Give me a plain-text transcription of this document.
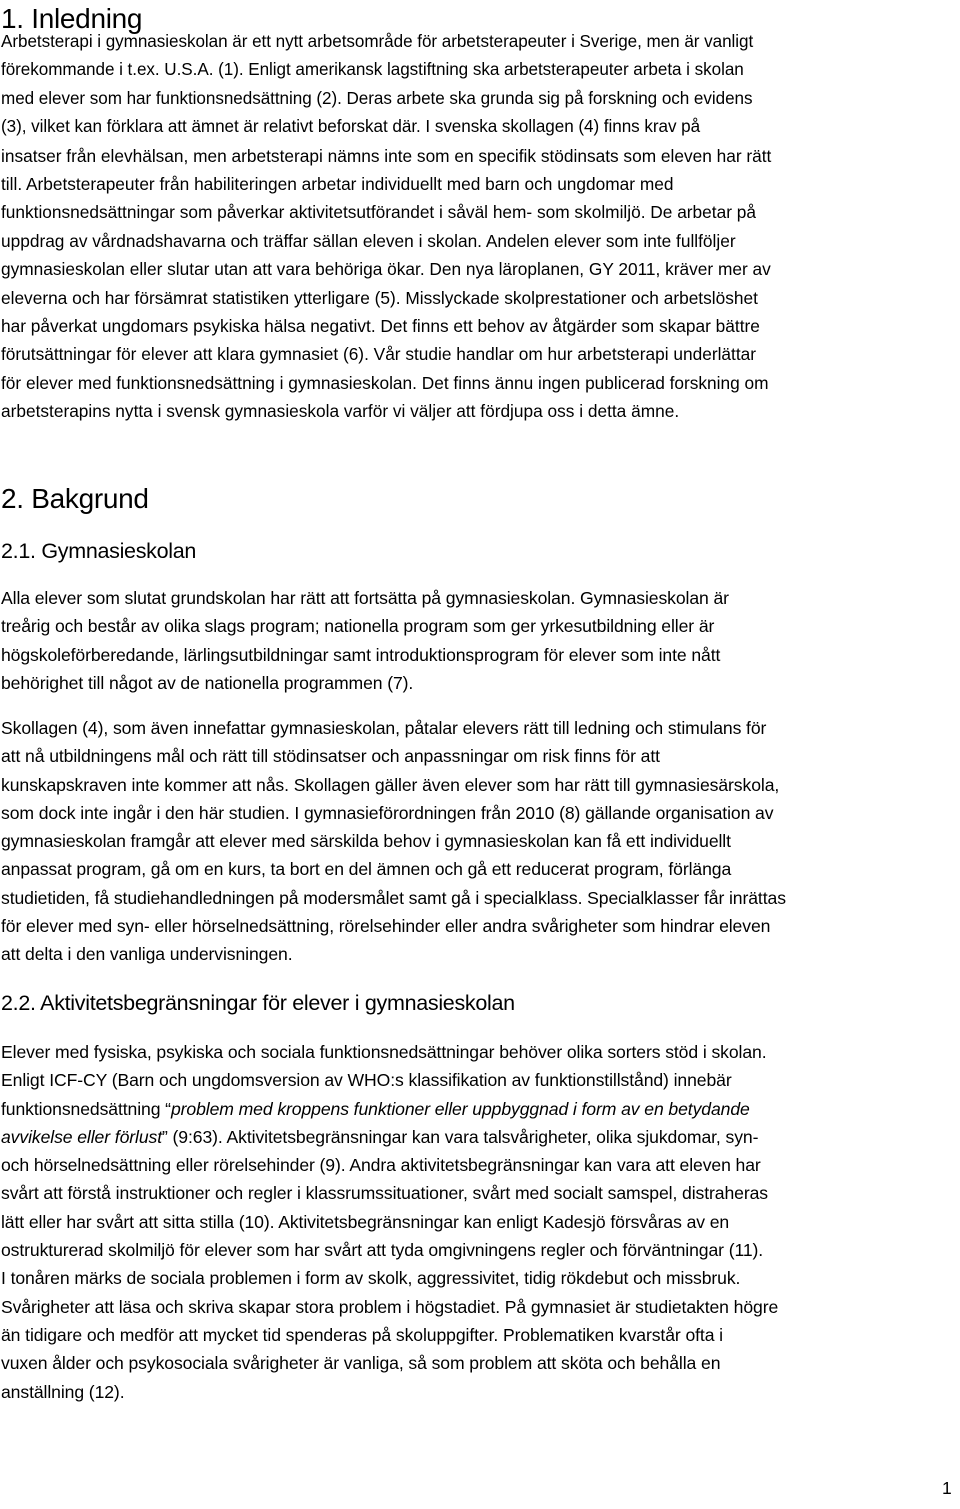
1. Inledning
Arbetsterapi i gymnasieskolan är ett nytt arbetsområde för arbetsterapeuter i Sverige, men är vanligt
förekommande i t.ex. U.S.A. (1). Enligt amerikansk lagstiftning ska arbetsterapeuter arbeta i skolan
med elever som har funktionsnedsättning (2). Deras arbete ska grunda sig på forskning och evidens
(3), vilket kan förklara att ämnet är relativt beforskat där. I svenska skollagen (4) finns krav på
insatser från elevhälsan, men arbetsterapi nämns inte som en specifik stödinsats som eleven har rätt
till. Arbetsterapeuter från habiliteringen arbetar individuellt med barn och ungdomar med
funktionsnedsättningar som påverkar aktivitetsutförandet i såväl hem- som skolmiljö. De arbetar på
uppdrag av vårdnadshavarna och träffar sällan eleven i skolan. Andelen elever som inte fullföljer
gymnasieskolan eller slutar utan att vara behöriga ökar. Den nya läroplanen, GY 2011, kräver mer av
eleverna och har försämrat statistiken ytterligare (5). Misslyckade skolprestationer och arbetslöshet
har påverkat ungdomars psykiska hälsa negativt. Det finns ett behov av åtgärder som skapar bättre
förutsättningar för elever att klara gymnasiet (6). Vår studie handlar om hur arbetsterapi underlättar
för elever med funktionsnedsättning i gymnasieskolan. Det finns ännu ingen publicerad forskning om
arbetsterapins nytta i svensk gymnasieskola varför vi väljer att fördjupa oss i detta ämne.
2. Bakgrund
2.1. Gymnasieskolan
Alla elever som slutat grundskolan har rätt att fortsätta på gymnasieskolan. Gymnasieskolan är
treårig och består av olika slags program; nationella program som ger yrkesutbildning eller är
högskoleförberedande, lärlingsutbildningar samt introduktionsprogram för elever som inte nått
behörighet till något av de nationella programmen (7).
Skollagen (4), som även innefattar gymnasieskolan, påtalar elevers rätt till ledning och stimulans för
att nå utbildningens mål och rätt till stödinsatser och anpassningar om risk finns för att
kunskapskraven inte kommer att nås. Skollagen gäller även elever som har rätt till gymnasiesärskola,
som dock inte ingår i den här studien. I gymnasieförordningen från 2010 (8) gällande organisation av
gymnasieskolan framgår att elever med särskilda behov i gymnasieskolan kan få ett individuellt
anpassat program, gå om en kurs, ta bort en del ämnen och gå ett reducerat program, förlänga
studietiden, få studiehandledningen på modersmålet samt gå i specialklass. Specialklasser får inrättas
för elever med syn- eller hörselnedsättning, rörelsehinder eller andra svårigheter som hindrar eleven
att delta i den vanliga undervisningen.
2.2. Aktivitetsbegränsningar för elever i gymnasieskolan
Elever med fysiska, psykiska och sociala funktionsnedsättningar behöver olika sorters stöd i skolan.
Enligt ICF-CY (Barn och ungdomsversion av WHO:s klassifikation av funktionstillstånd) innebär
funktionsnedsättning “problem med kroppens funktioner eller uppbyggnad i form av en betydande
avvikelse eller förlust” (9:63). Aktivitetsbegränsningar kan vara talsvårigheter, olika sjukdomar, syn-
och hörselnedsättning eller rörelsehinder (9). Andra aktivitetsbegränsningar kan vara att eleven har
svårt att förstå instruktioner och regler i klassrumssituationer, svårt med socialt samspel, distraheras
lätt eller har svårt att sitta stilla (10). Aktivitetsbegränsningar kan enligt Kadesjö försvåras av en
ostrukturerad skolmiljö för elever som har svårt att tyda omgivningens regler och förväntningar (11).
I tonåren märks de sociala problemen i form av skolk, aggressivitet, tidig rökdebut och missbruk.
Svårigheter att läsa och skriva skapar stora problem i högstadiet. På gymnasiet är studietakten högre
än tidigare och medför att mycket tid spenderas på skoluppgifter. Problematiken kvarstår ofta i
vuxen ålder och psykosociala svårigheter är vanliga, så som problem att sköta och behålla en
anställning (12).
1
